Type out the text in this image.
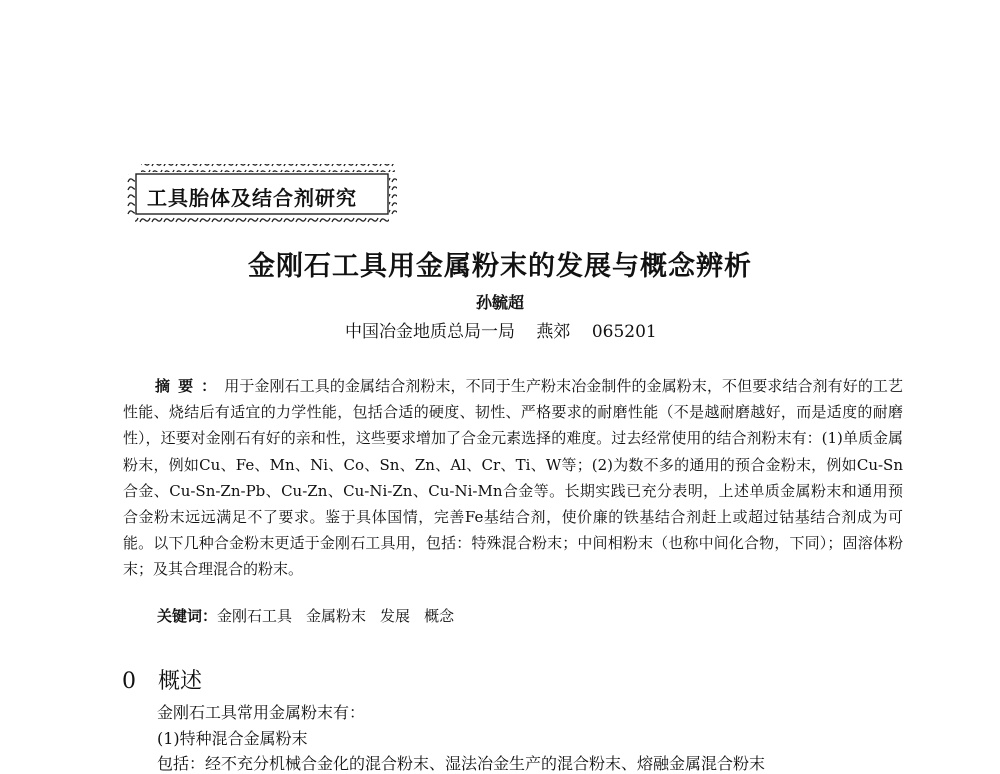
工具胎体及结合剂研究
金刚石工具用金属粉末的发展与概念辨析
孙毓超
中国冶金地质总局一局 燕郊 065201
摘要：用于金刚石工具的金属结合剂粉末，不同于生产粉末冶金制件的金属粉末，不但要求结合剂有好的工艺性能、烧结后有适宜的力学性能，包括合适的硬度、韧性、严格要求的耐磨性能（不是越耐磨越好，而是适度的耐磨性），还要对金刚石有好的亲和性，这些要求增加了合金元素选择的难度。过去经常使用的结合剂粉末有：(1)单质金属粉末，例如Cu、Fe、Mn、Ni、Co、Sn、Zn、Al、Cr、Ti、W等；(2)为数不多的通用的预合金粉末，例如Cu-Sn合金、Cu-Sn-Zn-Pb、Cu-Zn、Cu-Ni-Zn、Cu-Ni-Mn合金等。长期实践已充分表明，上述单质金属粉末和通用预合金粉末远远满足不了要求。鉴于具体国情，完善Fe基结合剂，使价廉的铁基结合剂赶上或超过钴基结合剂成为可能。以下几种合金粉末更适于金刚石工具用，包括：特殊混合粉末；中间相粉末（也称中间化合物，下同）；固溶体粉末；及其合理混合的粉末。
关键词：金刚石工具 金属粉末 发展 概念
0 概述
金刚石工具常用金属粉末有：
(1)特种混合金属粉末
包括：经不充分机械合金化的混合粉末、湿法冶金生产的混合粉末、熔融金属混合粉末
